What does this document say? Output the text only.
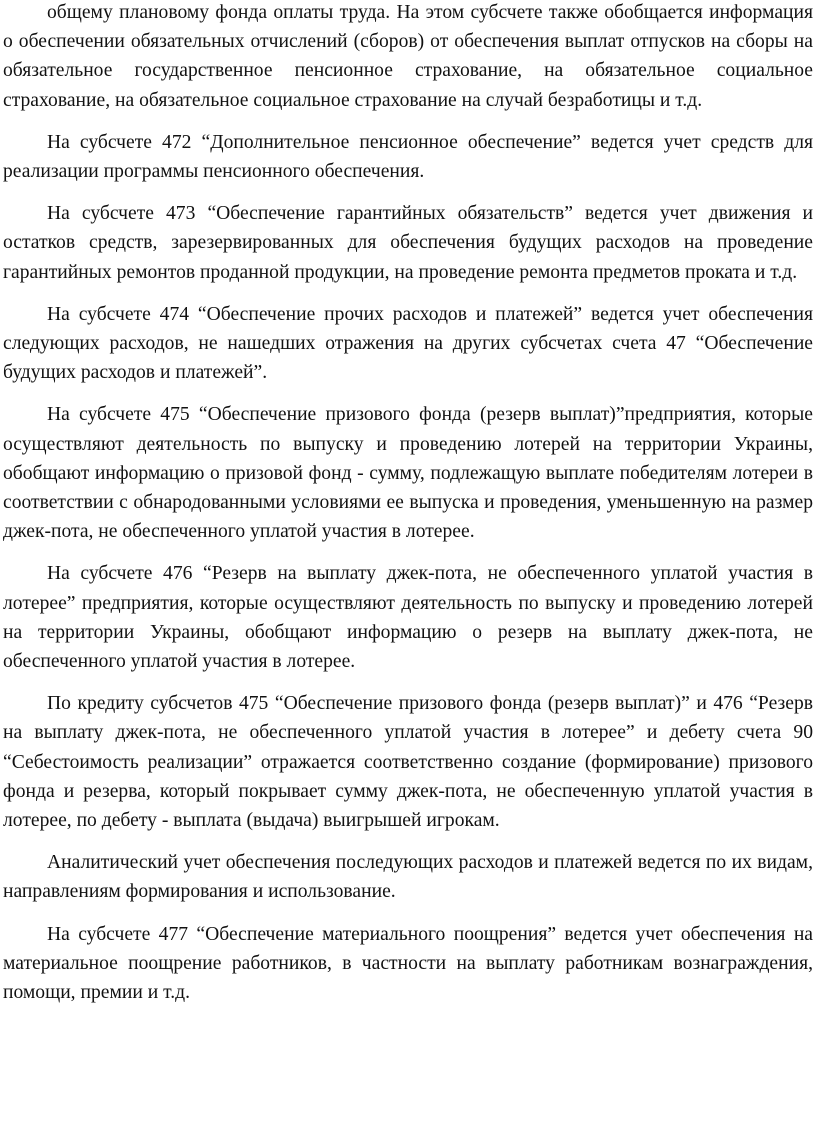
общему плановому фонда оплаты труда. На этом субсчете также обобщается информация о обеспечении обязательных отчислений (сборов) от обеспечения выплат отпусков на сборы на обязательное государственное пенсионное страхование, на обязательное социальное страхование, на обязательное социальное страхование на случай безработицы и т.д.

На субсчете 472 “Дополнительное пенсионное обеспечение” ведется учет средств для реализации программы пенсионного обеспечения.

На субсчете 473 “Обеспечение гарантийных обязательств” ведется учет движения и остатков средств, зарезервированных для обеспечения будущих расходов на проведение гарантийных ремонтов проданной продукции, на проведение ремонта предметов проката и т.д.

На субсчете 474 “Обеспечение прочих расходов и платежей” ведется учет обеспечения следующих расходов, не нашедших отражения на других субсчетах счета 47 “Обеспечение будущих расходов и платежей”.

На субсчете 475 “Обеспечение призового фонда (резерв выплат)”предприятия, которые осуществляют деятельность по выпуску и проведению лотерей на территории Украины, обобщают информацию о призовой фонд - сумму, подлежащую выплате победителям лотереи в соответствии с обнародованными условиями ее выпуска и проведения, уменьшенную на размер джек-пота, не обеспеченного уплатой участия в лотерее.

На субсчете 476 “Резерв на выплату джек-пота, не обеспеченного уплатой участия в лотерее” предприятия, которые осуществляют деятельность по выпуску и проведению лотерей на территории Украины, обобщают информацию о резерв на выплату джек-пота, не обеспеченного уплатой участия в лотерее.

По кредиту субсчетов 475 “Обеспечение призового фонда (резерв выплат)” и 476 “Резерв на выплату джек-пота, не обеспеченного уплатой участия в лотерее” и дебету счета 90 “Себестоимость реализации” отражается соответственно создание (формирование) призового фонда и резерва, который покрывает сумму джек-пота, не обеспеченную уплатой участия в лотерее, по дебету - выплата (выдача) выигрышей игрокам.

Аналитический учет обеспечения последующих расходов и платежей ведется по их видам, направлениям формирования и использование.

На субсчете 477 “Обеспечение материального поощрения” ведется учет обеспечения на материальное поощрение работников, в частности на выплату работникам вознаграждения, помощи, премии и т.д.
